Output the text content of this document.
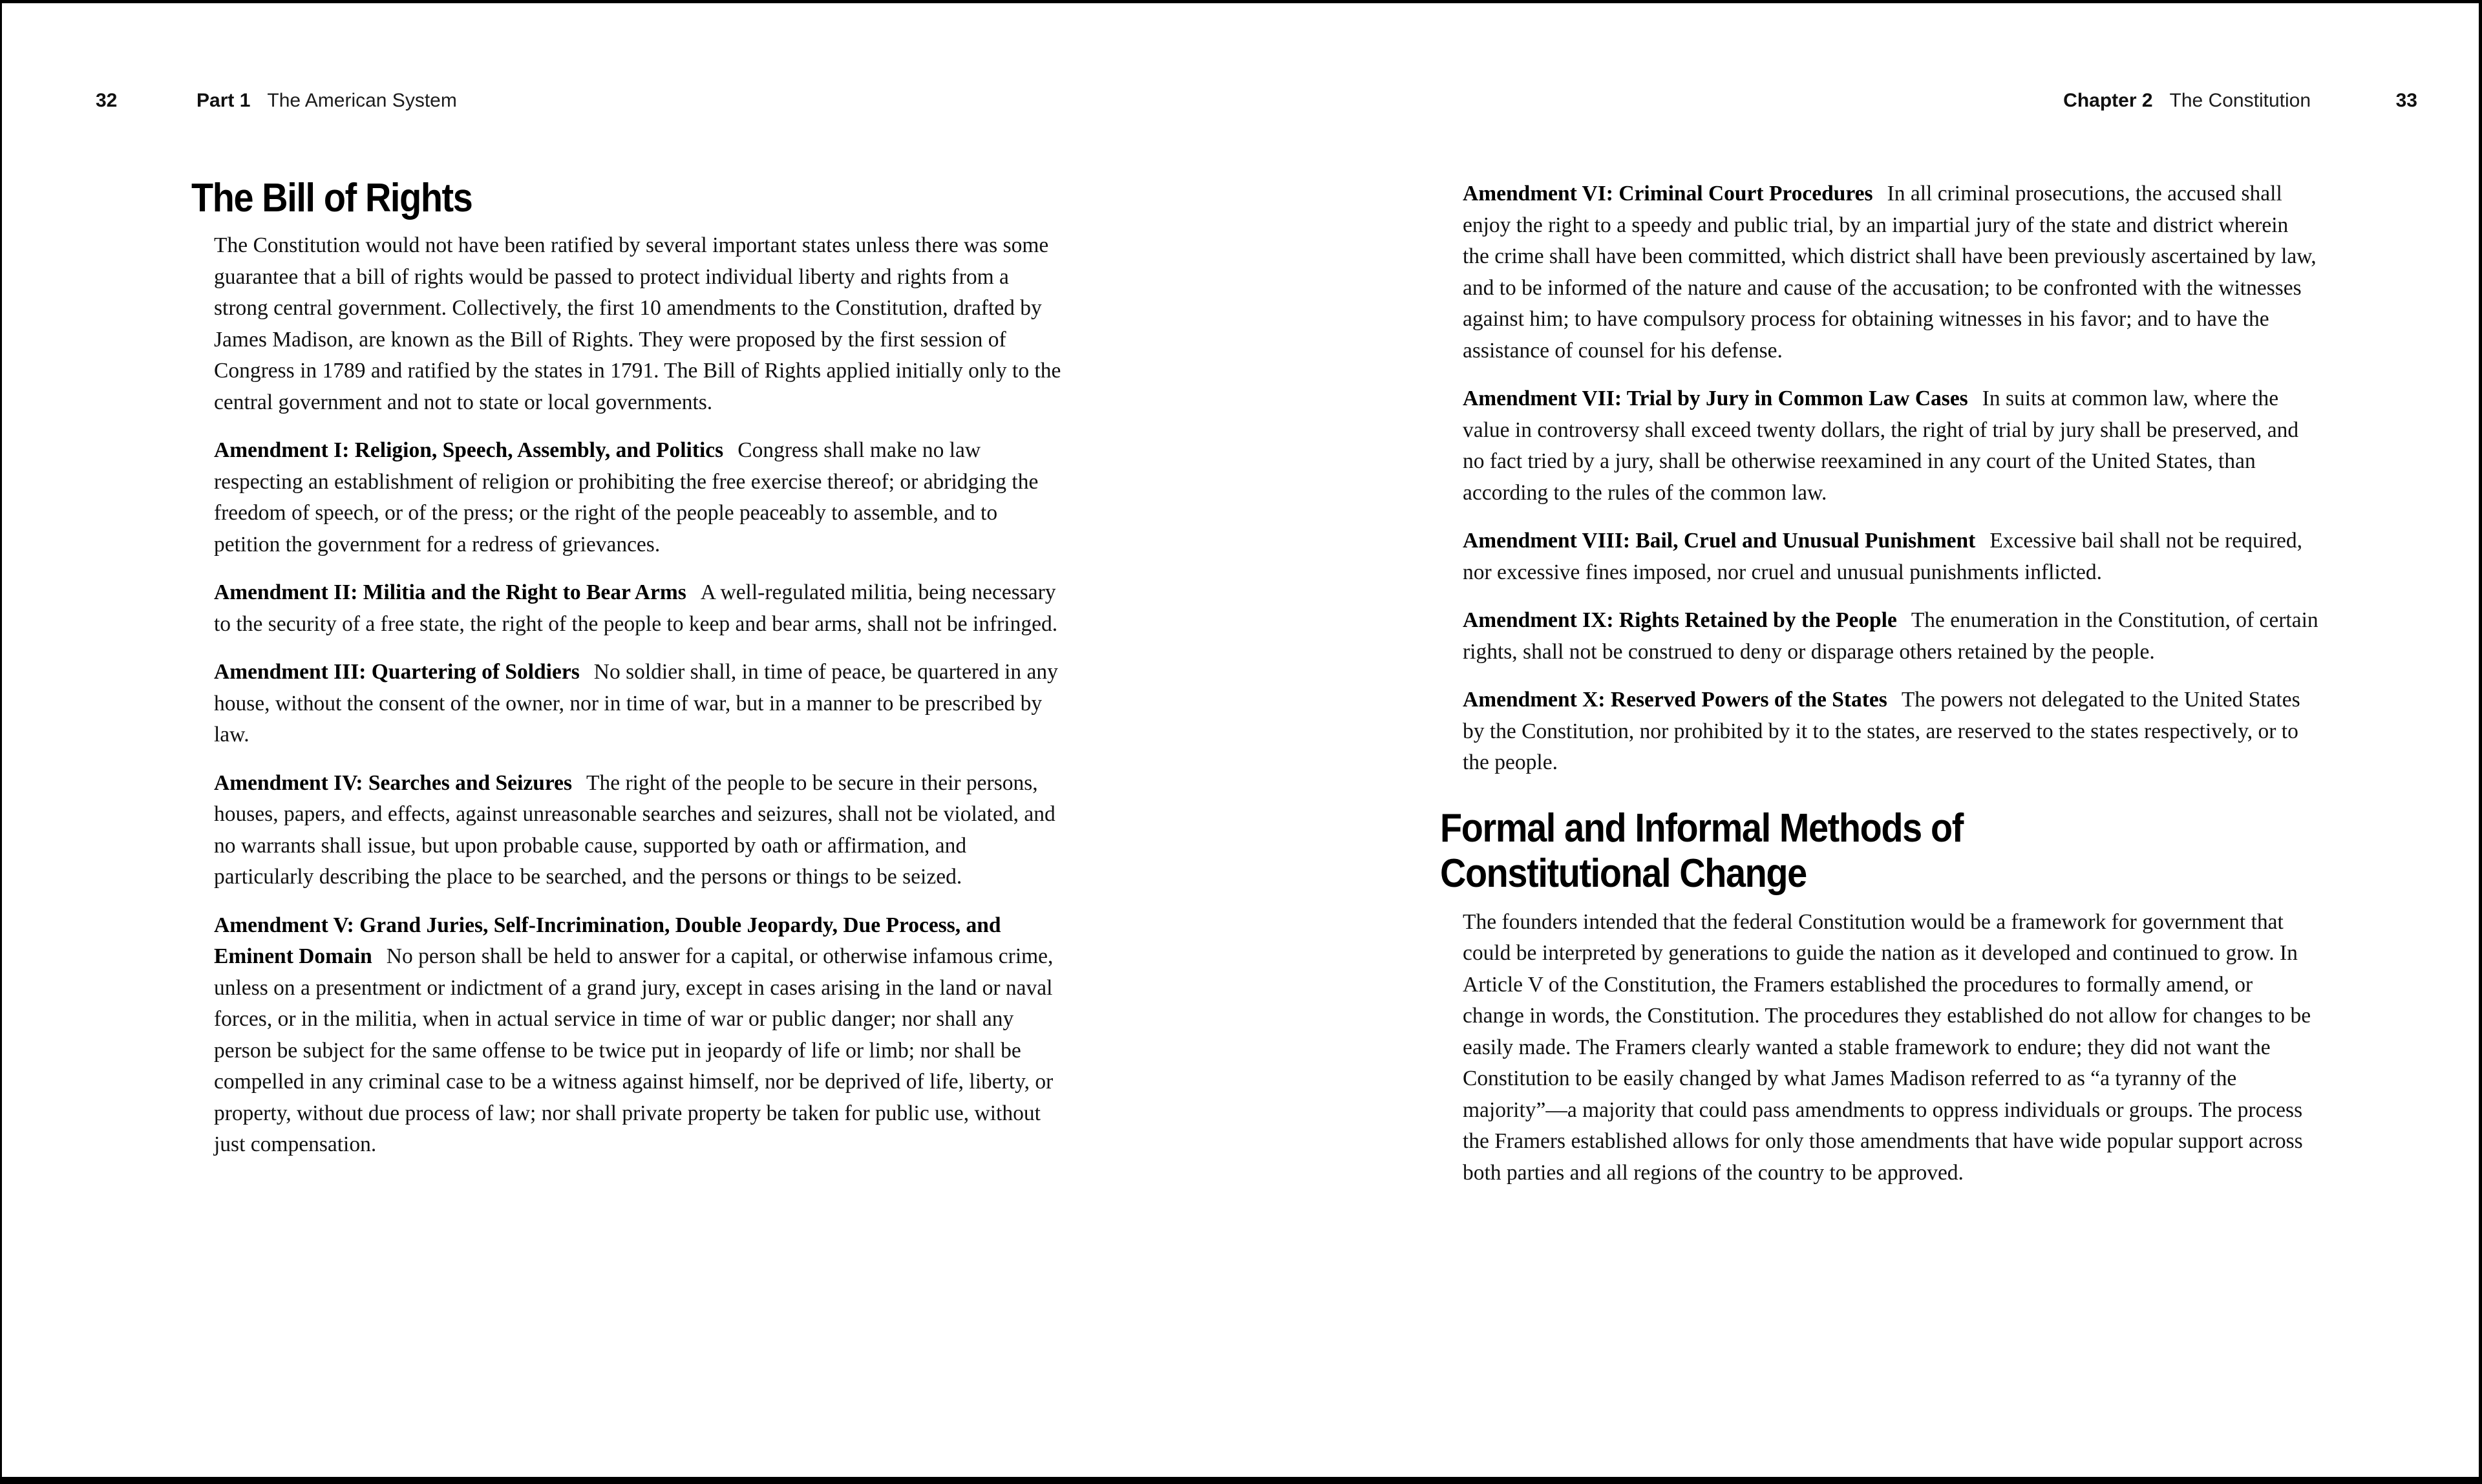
32	Part 1 The American System	Chapter 2 The Constitution	33
The Bill of Rights

The Constitution would not have been ratified by several important states unless there was some guarantee that a bill of rights would be passed to protect individual liberty and rights from a strong central government. Collectively, the first 10 amendments to the Constitution, drafted by James Madison, are known as the Bill of Rights. They were proposed by the first session of Congress in 1789 and ratified by the states in 1791. The Bill of Rights applied initially only to the central government and not to state or local governments.

Amendment I: Religion, Speech, Assembly, and Politics Congress shall make no law respecting an establishment of religion or prohibiting the free exercise thereof; or abridging the freedom of speech, or of the press; or the right of the people peaceably to assemble, and to petition the government for a redress of grievances.

Amendment II: Militia and the Right to Bear Arms A well-regulated militia, being necessary to the security of a free state, the right of the people to keep and bear arms, shall not be infringed.

Amendment III: Quartering of Soldiers No soldier shall, in time of peace, be quartered in any house, without the consent of the owner, nor in time of war, but in a manner to be prescribed by law.

Amendment IV: Searches and Seizures The right of the people to be secure in their persons, houses, papers, and effects, against unreasonable searches and seizures, shall not be violated, and no warrants shall issue, but upon probable cause, supported by oath or affirmation, and particularly describing the place to be searched, and the persons or things to be seized.

Amendment V: Grand Juries, Self-Incrimination, Double Jeopardy, Due Process, and Eminent Domain No person shall be held to answer for a capital, or otherwise infamous crime, unless on a presentment or indictment of a grand jury, except in cases arising in the land or naval forces, or in the militia, when in actual service in time of war or public danger; nor shall any person be subject for the same offense to be twice put in jeopardy of life or limb; nor shall be compelled in any criminal case to be a witness against himself, nor be deprived of life, liberty, or property, without due process of law; nor shall private property be taken for public use, without just compensation.

Amendment VI: Criminal Court Procedures In all criminal prosecutions, the accused shall enjoy the right to a speedy and public trial, by an impartial jury of the state and district wherein the crime shall have been committed, which district shall have been previously ascertained by law, and to be informed of the nature and cause of the accusation; to be confronted with the witnesses against him; to have compulsory process for obtaining witnesses in his favor; and to have the assistance of counsel for his defense.

Amendment VII: Trial by Jury in Common Law Cases In suits at common law, where the value in controversy shall exceed twenty dollars, the right of trial by jury shall be preserved, and no fact tried by a jury, shall be otherwise reexamined in any court of the United States, than according to the rules of the common law.

Amendment VIII: Bail, Cruel and Unusual Punishment Excessive bail shall not be required, nor excessive fines imposed, nor cruel and unusual punishments inflicted.

Amendment IX: Rights Retained by the People The enumeration in the Constitution, of certain rights, shall not be construed to deny or disparage others retained by the people.

Amendment X: Reserved Powers of the States The powers not delegated to the United States by the Constitution, nor prohibited by it to the states, are reserved to the states respectively, or to the people.

Formal and Informal Methods of Constitutional Change

The founders intended that the federal Constitution would be a framework for government that could be interpreted by generations to guide the nation as it developed and continued to grow. In Article V of the Constitution, the Framers established the procedures to formally amend, or change in words, the Constitution. The procedures they established do not allow for changes to be easily made. The Framers clearly wanted a stable framework to endure; they did not want the Constitution to be easily changed by what James Madison referred to as “a tyranny of the majority”—a majority that could pass amendments to oppress individuals or groups. The process the Framers established allows for only those amendments that have wide popular support across both parties and all regions of the country to be approved.
